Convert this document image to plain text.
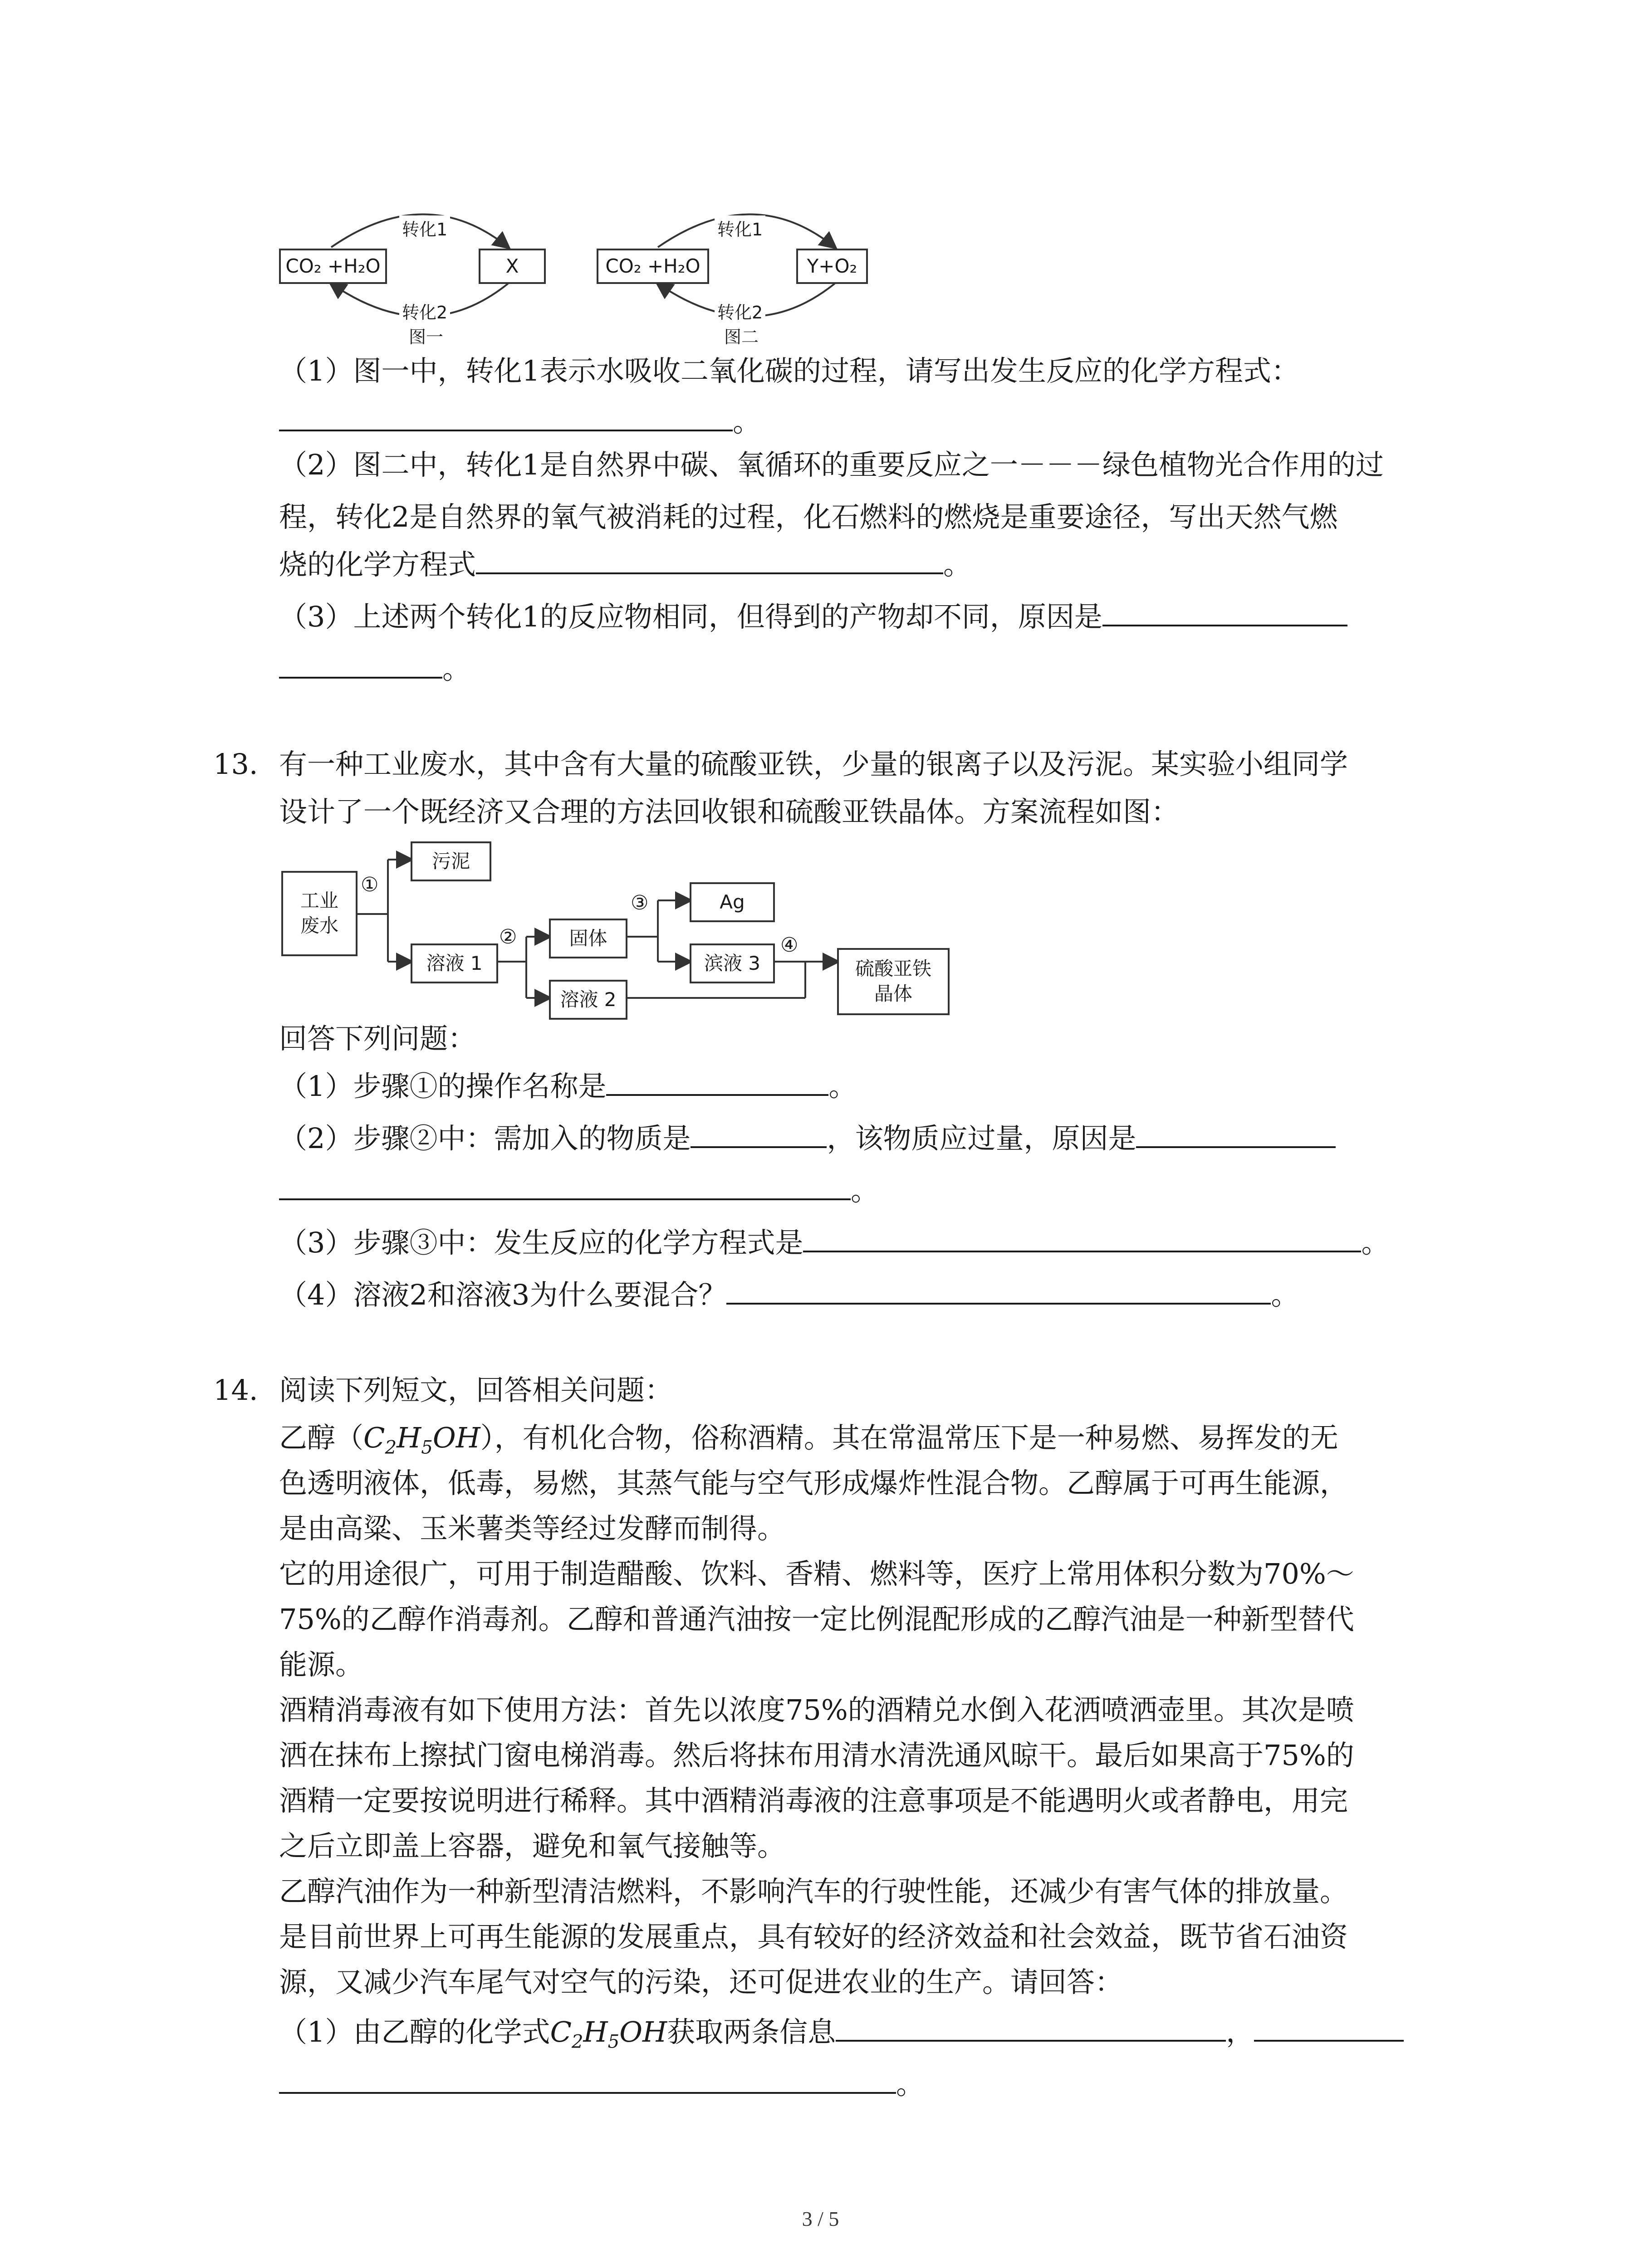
CO₂ +H₂O	X
转化1
转化2
图一
CO₂ +H₂O	Y+O₂
转化1
转化2
图二
（1）图一中，转化1表示水吸收二氧化碳的过程，请写出发生反应的化学方程式：
。
（2）图二中，转化1是自然界中碳、氧循环的重要反应之一－－－绿色植物光合作用的过
程，转化2是自然界的氧气被消耗的过程，化石燃料的燃烧是重要途径，写出天然气燃
烧的化学方程式	。
（3）上述两个转化1的反应物相同，但得到的产物却不同，原因是
。
13. 有一种工业废水，其中含有大量的硫酸亚铁，少量的银离子以及污泥。某实验小组同学
设计了一个既经济又合理的方法回收银和硫酸亚铁晶体。方案流程如图：
工业
废水
污泥
溶液 1
固体
Ag
滨液 3
溶液 2
硫酸亚铁
晶体
①
②
③
④
回答下列问题：
（1）步骤①的操作名称是	。
（2）步骤②中：需加入的物质是	，该物质应过量，原因是
。
（3）步骤③中：发生反应的化学方程式是	。
（4）溶液2和溶液3为什么要混合？	。
14. 阅读下列短文，回答相关问题：
乙醇$(C_2H_5OH)$，有机化合物，俗称酒精。其在常温常压下是一种易燃、易挥发的无
色透明液体，低毒，易燃，其蒸气能与空气形成爆炸性混合物。乙醇属于可再生能源，
是由高粱、玉米薯类等经过发酵而制得。
它的用途很广，可用于制造醋酸、饮料、香精、燃料等，医疗上常用体积分数为70%～
75%的乙醇作消毒剂。乙醇和普通汽油按一定比例混配形成的乙醇汽油是一种新型替代
能源。
酒精消毒液有如下使用方法：首先以浓度75%的酒精兑水倒入花洒喷洒壶里。其次是喷
洒在抹布上擦拭门窗电梯消毒。然后将抹布用清水清洗通风晾干。最后如果高于75%的
酒精一定要按说明进行稀释。其中酒精消毒液的注意事项是不能遇明火或者静电，用完
之后立即盖上容器，避免和氧气接触等。
乙醇汽油作为一种新型清洁燃料，不影响汽车的行驶性能，还减少有害气体的排放量。
是目前世界上可再生能源的发展重点，具有较好的经济效益和社会效益，既节省石油资
源，又减少汽车尾气对空气的污染，还可促进农业的生产。请回答：
（1）由乙醇的化学式$C_2H_5OH$获取两条信息	，
。
3 / 5
